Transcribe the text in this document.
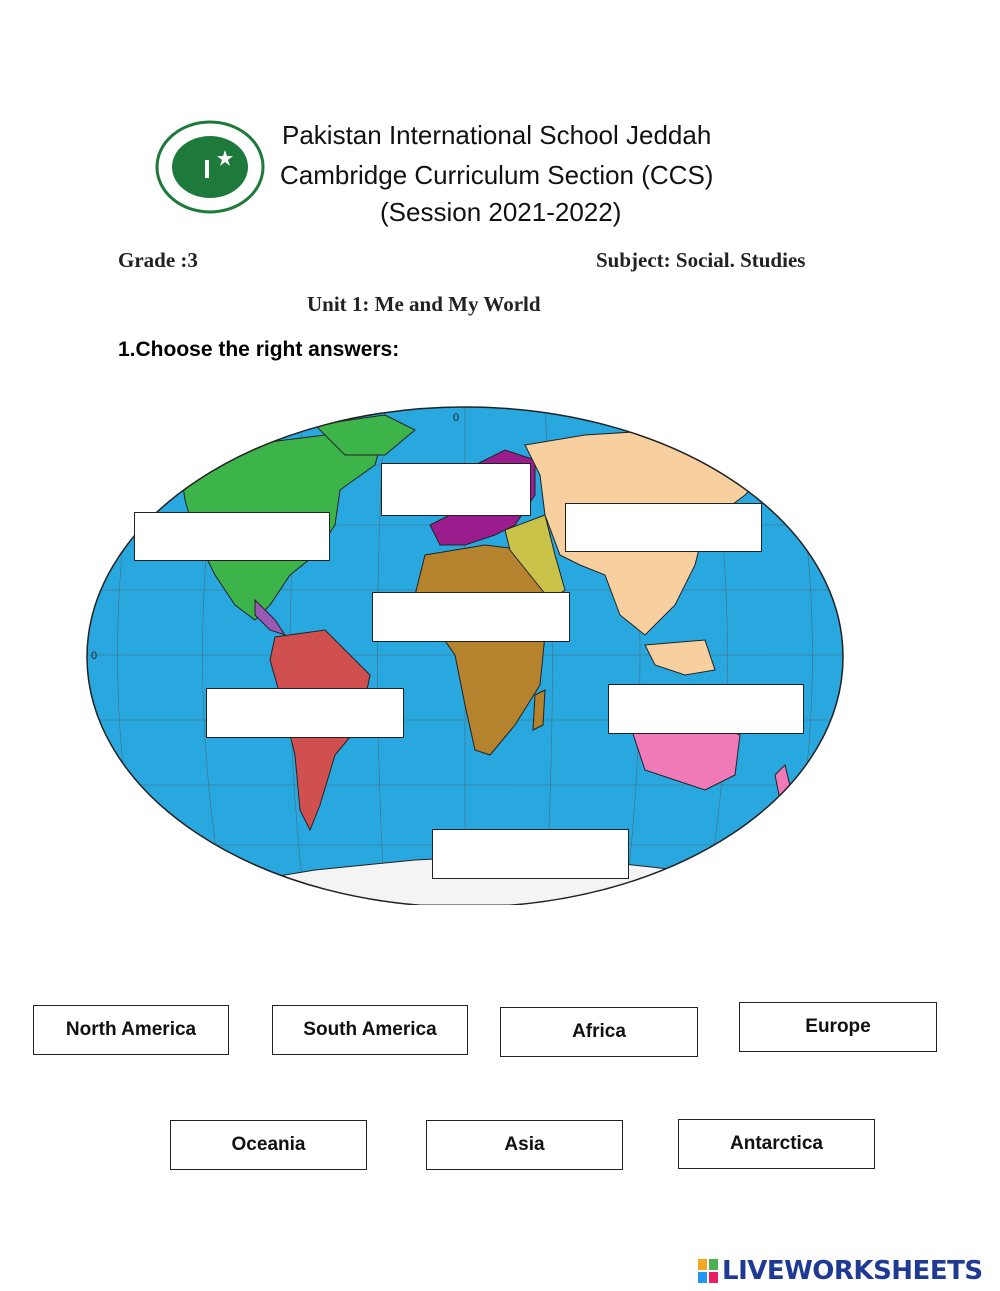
Pakistan International School Jeddah
Cambridge Curriculum Section (CCS)
(Session 2021-2022)
Grade :3	Subject: Social. Studies
Unit 1: Me and My World
1.Choose the right answers:
0
0
North America	South America	Africa	Europe
Oceania	Asia	Antarctica
LIVEWORKSHEETS
